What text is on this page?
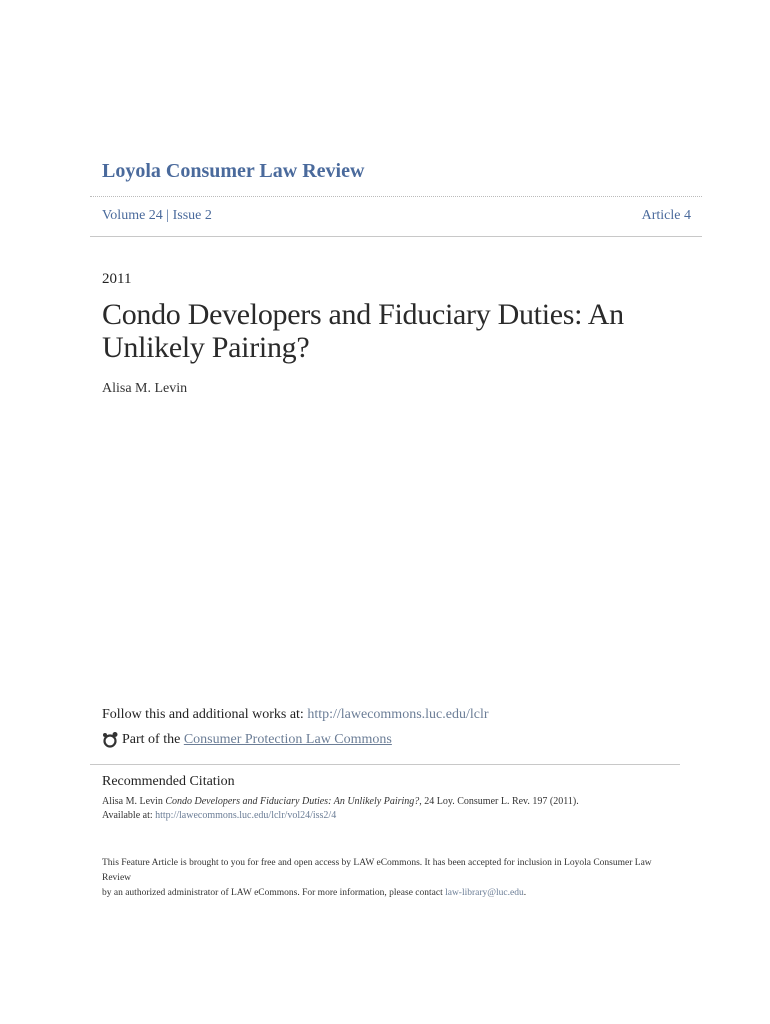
Loyola Consumer Law Review
Volume 24 | Issue 2	Article 4
2011
Condo Developers and Fiduciary Duties: An
Unlikely Pairing?
Alisa M. Levin
Follow this and additional works at: http://lawecommons.luc.edu/lclr
Part of the
Consumer Protection Law Commons
Recommended Citation
Alisa M. Levin Condo Developers and Fiduciary Duties: An Unlikely Pairing?, 24 Loy. Consumer L. Rev. 197 (2011).
Available at: http://lawecommons.luc.edu/lclr/vol24/iss2/4
This Feature Article is brought to you for free and open access by LAW eCommons. It has been accepted for inclusion in Loyola Consumer Law Review
by an authorized administrator of LAW eCommons. For more information, please contact law-library@luc.edu.
